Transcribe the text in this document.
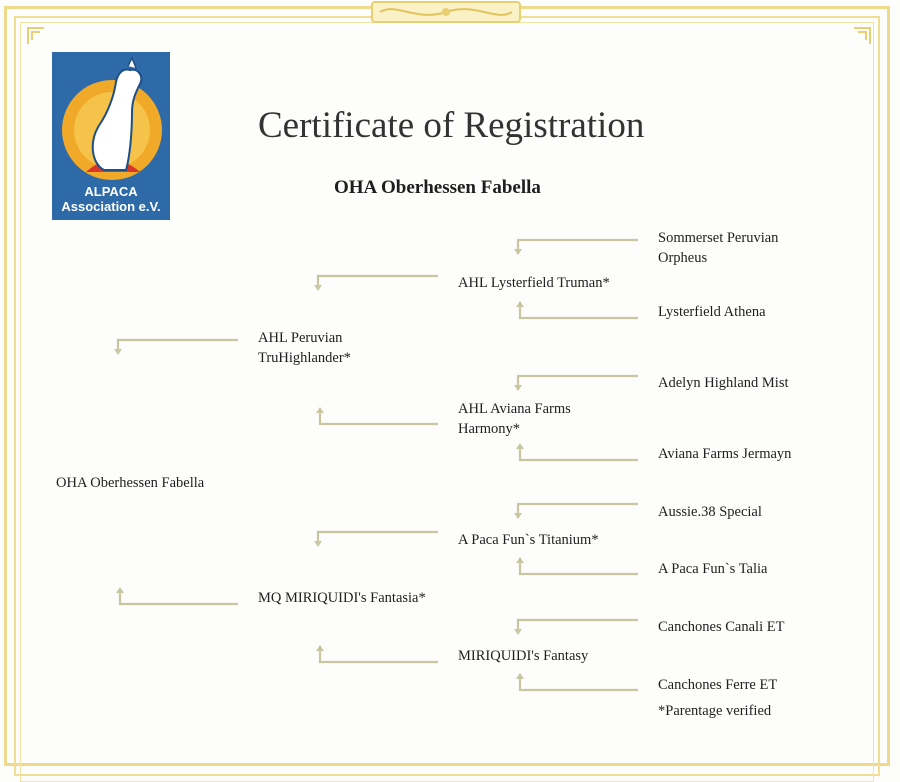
ALPACA
Association e.V.
Certificate of Registration
OHA Oberhessen Fabella
OHA Oberhessen Fabella
AHL Peruvian
TruHighlander*
MQ MIRIQUIDI's Fantasia*
AHL Lysterfield Truman*
AHL Aviana Farms
Harmony*
A Paca Fun`s Titanium*
MIRIQUIDI's Fantasy
Sommerset Peruvian
Orpheus
Lysterfield Athena
Adelyn Highland Mist
Aviana Farms Jermayn
Aussie.38 Special
A Paca Fun`s Talia
Canchones Canali ET
Canchones Ferre ET
*Parentage verified
